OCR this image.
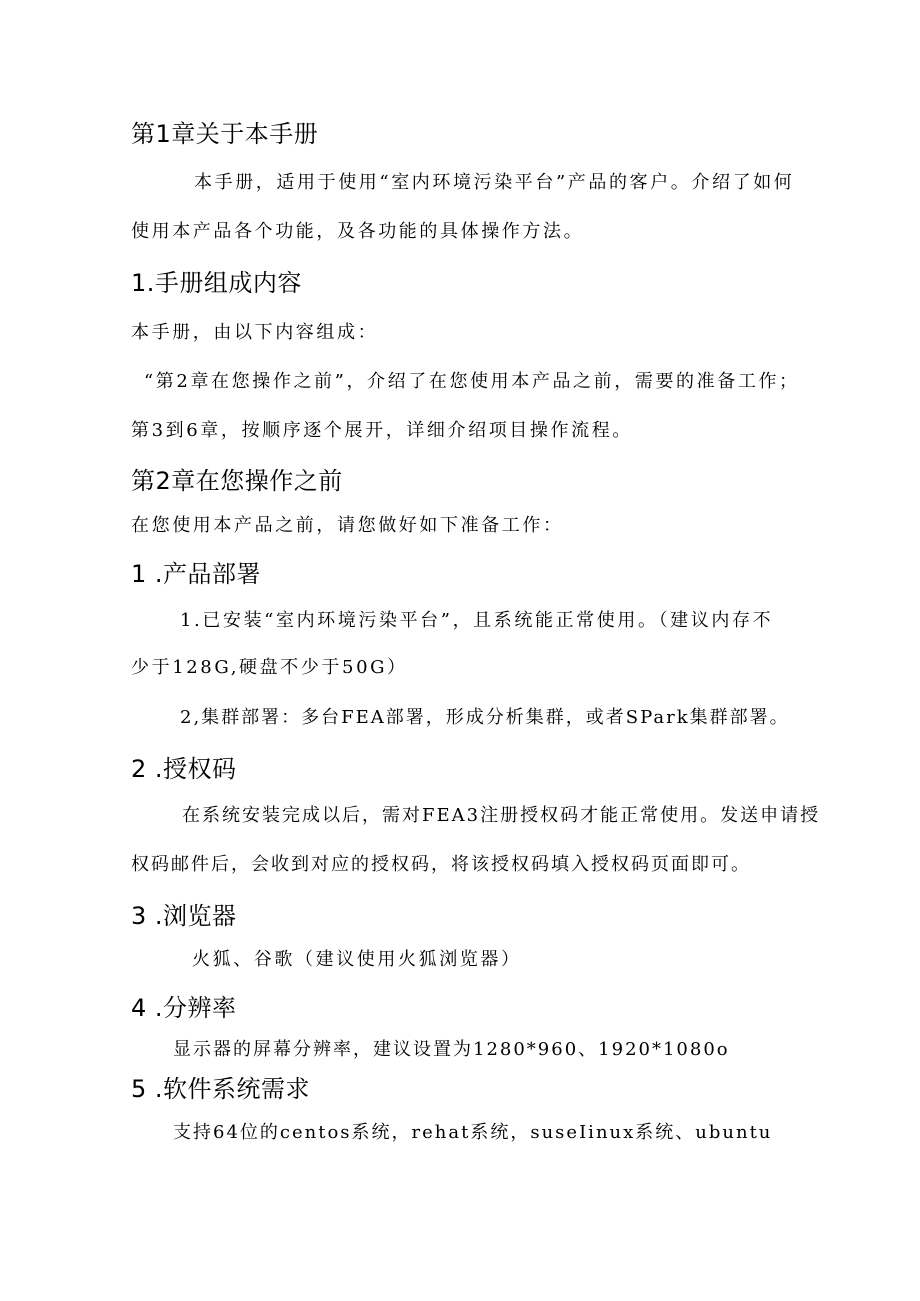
第1章关于本手册
本手册，适用于使用“室内环境污染平台”产品的客户。介绍了如何
使用本产品各个功能，及各功能的具体操作方法。
1.手册组成内容
本手册，由以下内容组成：
“第2章在您操作之前”，介绍了在您使用本产品之前，需要的准备工作；
第3到6章，按顺序逐个展开，详细介绍项目操作流程。
第2章在您操作之前
在您使用本产品之前，请您做好如下准备工作：
1 .产品部署
1.已安装“室内环境污染平台”，且系统能正常使用。（建议内存不
少于128G,硬盘不少于50G）
2,集群部署：多台FEA部署，形成分析集群，或者SPark集群部署。
2 .授权码
在系统安装完成以后，需对FEA3注册授权码才能正常使用。发送申请授
权码邮件后，会收到对应的授权码，将该授权码填入授权码页面即可。
3 .浏览器
火狐、谷歌（建议使用火狐浏览器）
4 .分辨率
显示器的屏幕分辨率，建议设置为1280*960、1920*1080o
5 .软件系统需求
支持64位的centos系统，rehat系统，suseIinux系统、ubuntu
